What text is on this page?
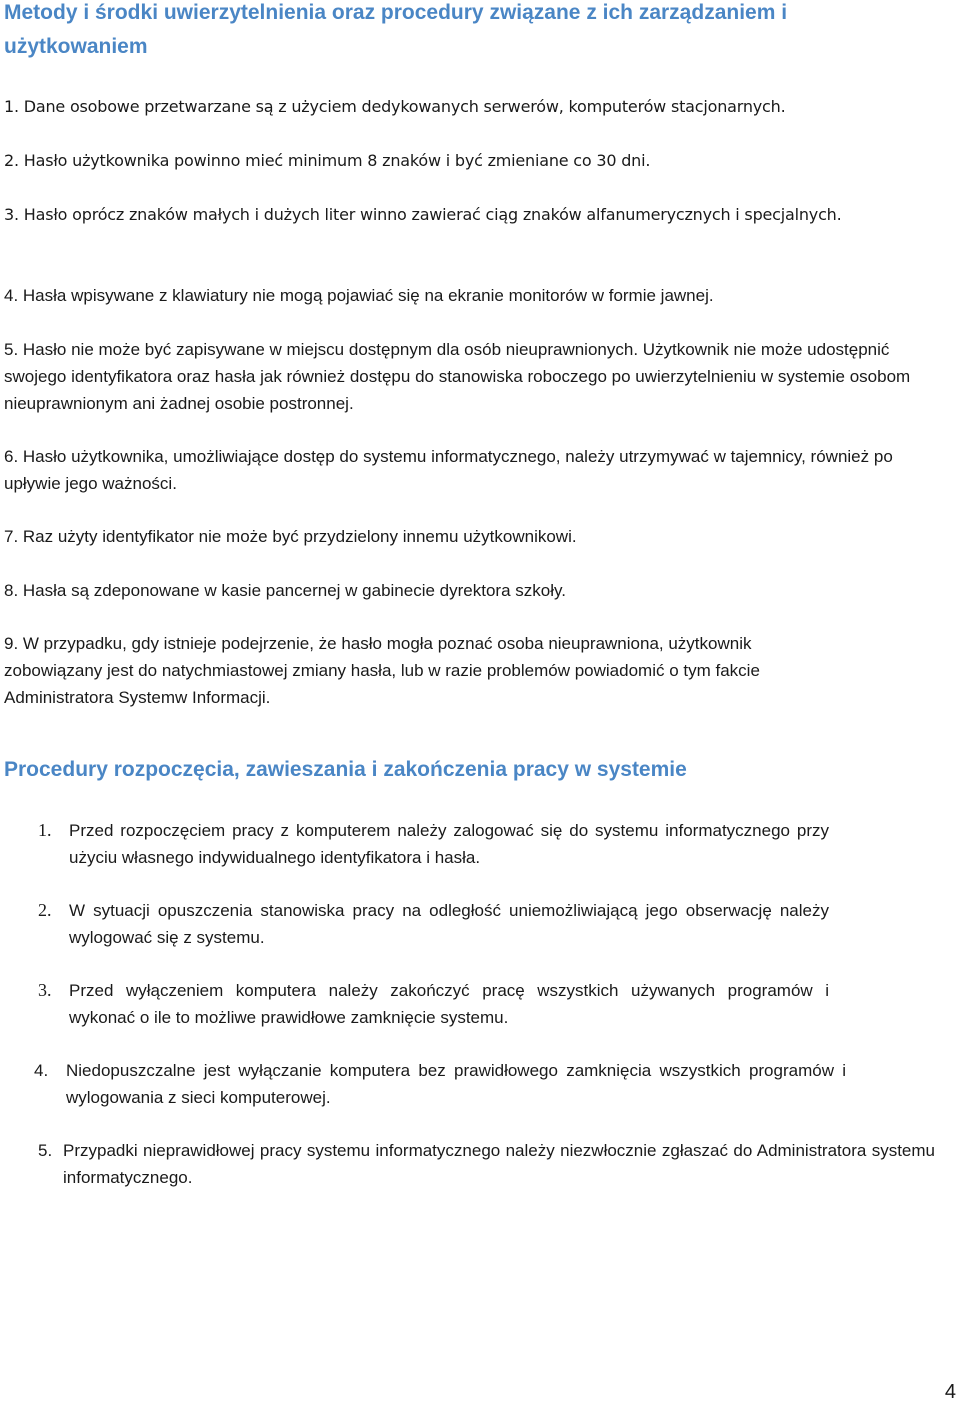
Metody i środki uwierzytelnienia oraz procedury związane z ich zarządzaniem i użytkowaniem

1. Dane osobowe przetwarzane są z użyciem dedykowanych serwerów, komputerów stacjonarnych.

2. Hasło użytkownika powinno mieć minimum 8 znaków i być zmieniane co 30 dni.

3. Hasło oprócz znaków małych i dużych liter winno zawierać ciąg znaków alfanumerycznych i specjalnych.

4. Hasła wpisywane z klawiatury nie mogą pojawiać się na ekranie monitorów w formie jawnej.

5. Hasło nie może być zapisywane w miejscu dostępnym dla osób nieuprawnionych. Użytkownik nie może udostępnić swojego identyfikatora oraz hasła jak również dostępu do stanowiska roboczego po uwierzytelnieniu w systemie osobom nieuprawnionym ani żadnej osobie postronnej.

6. Hasło użytkownika, umożliwiające dostęp do systemu informatycznego, należy utrzymywać w tajemnicy, również po upływie jego ważności.

7. Raz użyty identyfikator nie może być przydzielony innemu użytkownikowi.

8. Hasła są zdeponowane w kasie pancernej w gabinecie dyrektora szkoły.

9. W przypadku, gdy istnieje podejrzenie, że hasło mogła poznać osoba nieuprawniona, użytkownik zobowiązany jest do natychmiastowej zmiany hasła, lub w razie problemów powiadomić o tym fakcie Administratora Systemw Informacji.

Procedury rozpoczęcia, zawieszania i zakończenia pracy w systemie
1. Przed rozpoczęciem pracy z komputerem należy zalogować się do systemu informatycznego przy użyciu własnego indywidualnego identyfikatora i hasła.
2. W sytuacji opuszczenia stanowiska pracy na odległość uniemożliwiającą jego obserwację należy wylogować się z systemu.
3. Przed wyłączeniem komputera należy zakończyć pracę wszystkich używanych programów i wykonać o ile to możliwe prawidłowe zamknięcie systemu.
4. Niedopuszczalne jest wyłączanie komputera bez prawidłowego zamknięcia wszystkich programów i wylogowania z sieci komputerowej.
5. Przypadki nieprawidłowej pracy systemu informatycznego należy niezwłocznie zgłaszać do Administratora systemu informatycznego.
4
